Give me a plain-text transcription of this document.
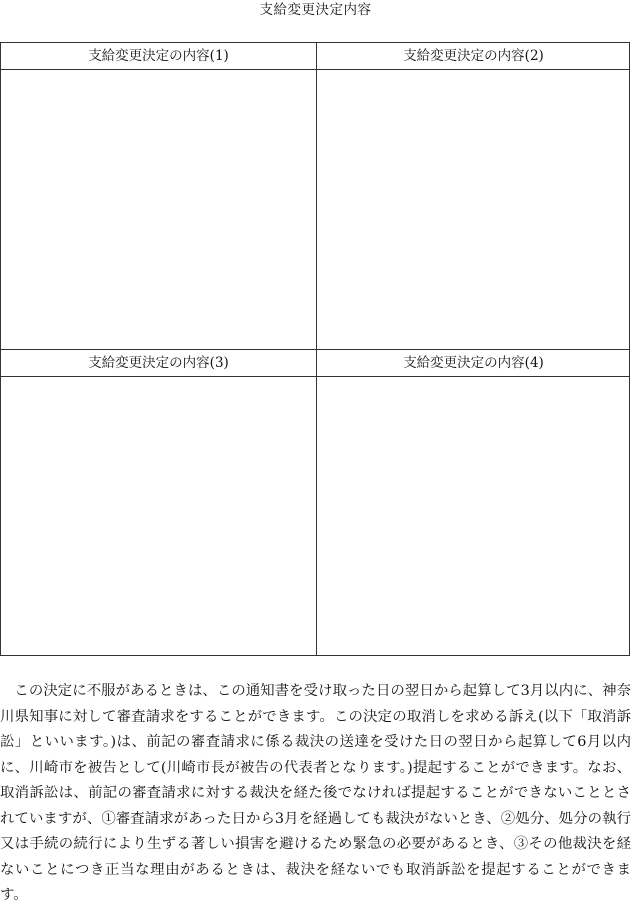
支給変更決定内容
支給変更決定の内容(1)	支給変更決定の内容(2)
支給変更決定の内容(3)	支給変更決定の内容(4)

この決定に不服があるときは、この通知書を受け取った日の翌日から起算して3月以内に、神奈川県知事に対して審査請求をすることができます。この決定の取消しを求める訴え(以下「取消訴訟」といいます。)は、前記の審査請求に係る裁決の送達を受けた日の翌日から起算して6月以内に、川崎市を被告として(川崎市長が被告の代表者となります。)提起することができます。なお、取消訴訟は、前記の審査請求に対する裁決を経た後でなければ提起することができないこととされていますが、①審査請求があった日から3月を経過しても裁決がないとき、②処分、処分の執行又は手続の続行により生ずる著しい損害を避けるため緊急の必要があるとき、③その他裁決を経ないことにつき正当な理由があるときは、裁決を経ないでも取消訴訟を提起することができます。
